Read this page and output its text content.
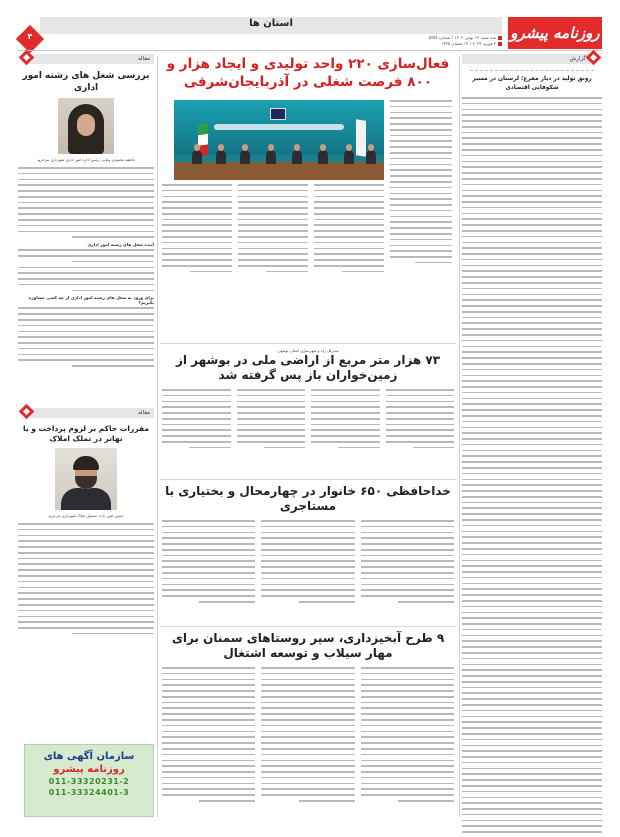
استان ها
روزنامه پیشرو
سه شنبه ۱۴ بهمن ۱۴۰۲ / شماره ۵۷۵۴
۳ فوریه ۲۰۲۴ / ۱۴ شعبان ۱۴۴۵
۴
مقاله
بررسی شغل های رشته امور اداری
عاطفه محمودی وهابی، رئیس اداره امور اداری شهرداری سرخرود
آینده شغل های رشته امور اداری
برای ورود به شغل های رشته امور اداری از چه کسی مشاوره بگیریم؟
مقاله
مقررات حاکم بر لزوم پرداخت و یا تهاتر در تملک املاک
حسین امین زاده، مسئول املاک شهرداری سرخرود
سازمان آگهی های
روزنامه پیشرو
011-33320231-2
011-33324401-3
فعال‌سازی ۲۲۰ واحد تولیدی و ایجاد هزار و ۸۰۰ فرصت شغلی در آذربایجان‌شرقی
مدیرکل راه و شهرسازی استان بوشهر:
۷۳ هزار متر مربع از اراضی ملی در بوشهر از زمین‌خواران باز پس گرفته شد
خداحافظی ۶۵۰ خانوار در چهارمحال و بختیاری با مستاجری
۹ طرح آبخیزداری، سپر روستاهای سمنان برای مهار سیلاب و توسعه اشتغال
گزارش
رونق تولید در دیار مفرغ؛ لرستان در مسیر شکوفایی اقتصادی
